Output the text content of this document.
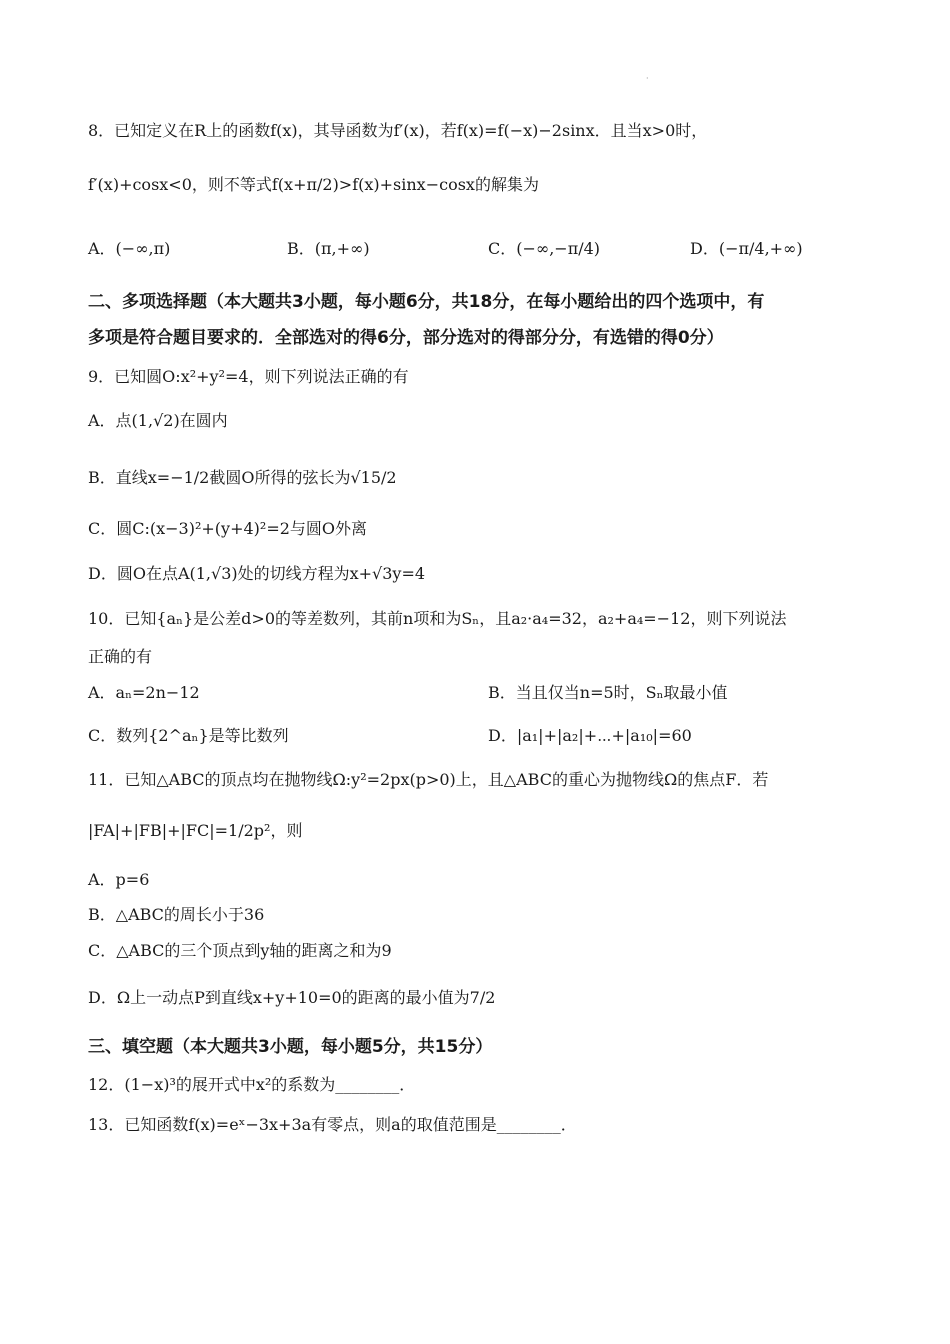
·
8．已知定义在R上的函数f(x)，其导函数为f′(x)，若f(x)=f(−x)−2sinx．且当x>0时，
f′(x)+cosx<0，则不等式f(x+π/2)>f(x)+sinx−cosx的解集为
A．(−∞,π)	B．(π,+∞)	C．(−∞,−π/4)	D．(−π/4,+∞)
二、多项选择题（本大题共3小题，每小题6分，共18分，在每小题给出的四个选项中，有
多项是符合题目要求的．全部选对的得6分，部分选对的得部分分，有选错的得0分）
9．已知圆O:x²+y²=4，则下列说法正确的有
A．点(1,√2)在圆内
B．直线x=−1/2截圆O所得的弦长为√15/2
C．圆C:(x−3)²+(y+4)²=2与圆O外离
D．圆O在点A(1,√3)处的切线方程为x+√3y=4
10．已知{aₙ}是公差d>0的等差数列，其前n项和为Sₙ，且a₂·a₄=32，a₂+a₄=−12，则下列说法
正确的有
A．aₙ=2n−12	B．当且仅当n=5时，Sₙ取最小值
C．数列{2^aₙ}是等比数列	D．|a₁|+|a₂|+⋯+|a₁₀|=60
11．已知△ABC的顶点均在抛物线Ω:y²=2px(p>0)上，且△ABC的重心为抛物线Ω的焦点F．若
|FA|+|FB|+|FC|=1/2p²，则
A．p=6
B．△ABC的周长小于36
C．△ABC的三个顶点到y轴的距离之和为9
D．Ω上一动点P到直线x+y+10=0的距离的最小值为7/2
三、填空题（本大题共3小题，每小题5分，共15分）
12．(1−x)³的展开式中x²的系数为________．
13．已知函数f(x)=eˣ−3x+3a有零点，则a的取值范围是________．
